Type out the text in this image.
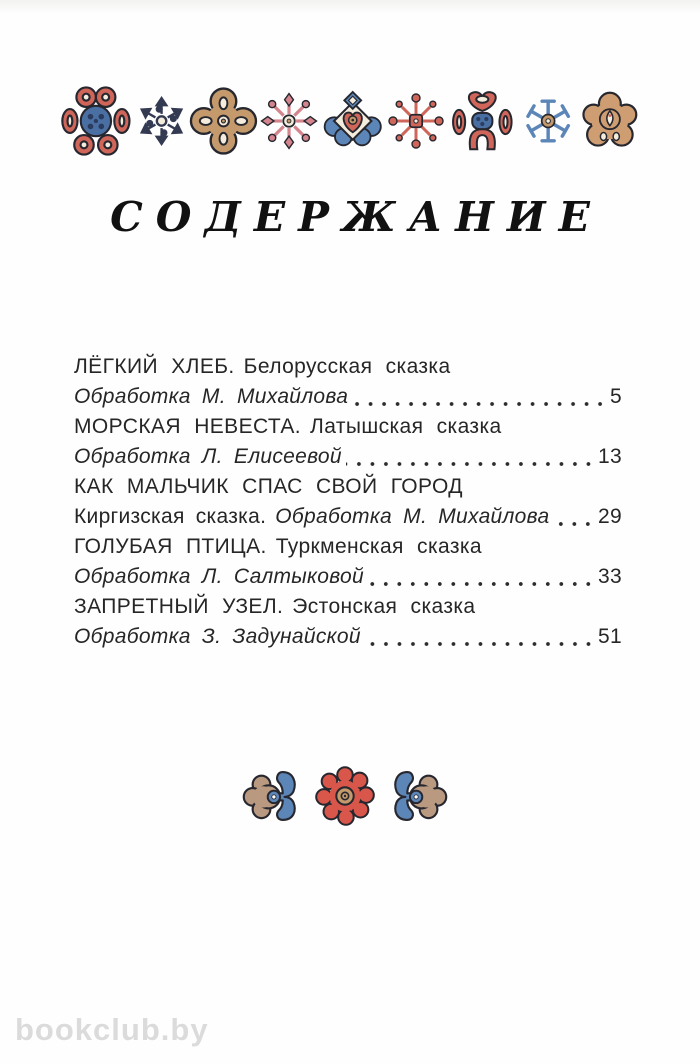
СОДЕРЖАНИЕ
ЛЁГКИЙ ХЛЕБ. Белорусская сказка
Обработка М. Михайлова	5
МОРСКАЯ НЕВЕСТА. Латышская сказка
Обработка Л. Елисеевой	13
КАК МАЛЬЧИК СПАС СВОЙ ГОРОД
Киргизская сказка. Обработка М. Михайлова 29
ГОЛУБАЯ ПТИЦА. Туркменская сказка
Обработка Л. Салтыковой	33
ЗАПРЕТНЫЙ УЗЕЛ. Эстонская сказка
Обработка З. Задунайской	51
bookclub.by
